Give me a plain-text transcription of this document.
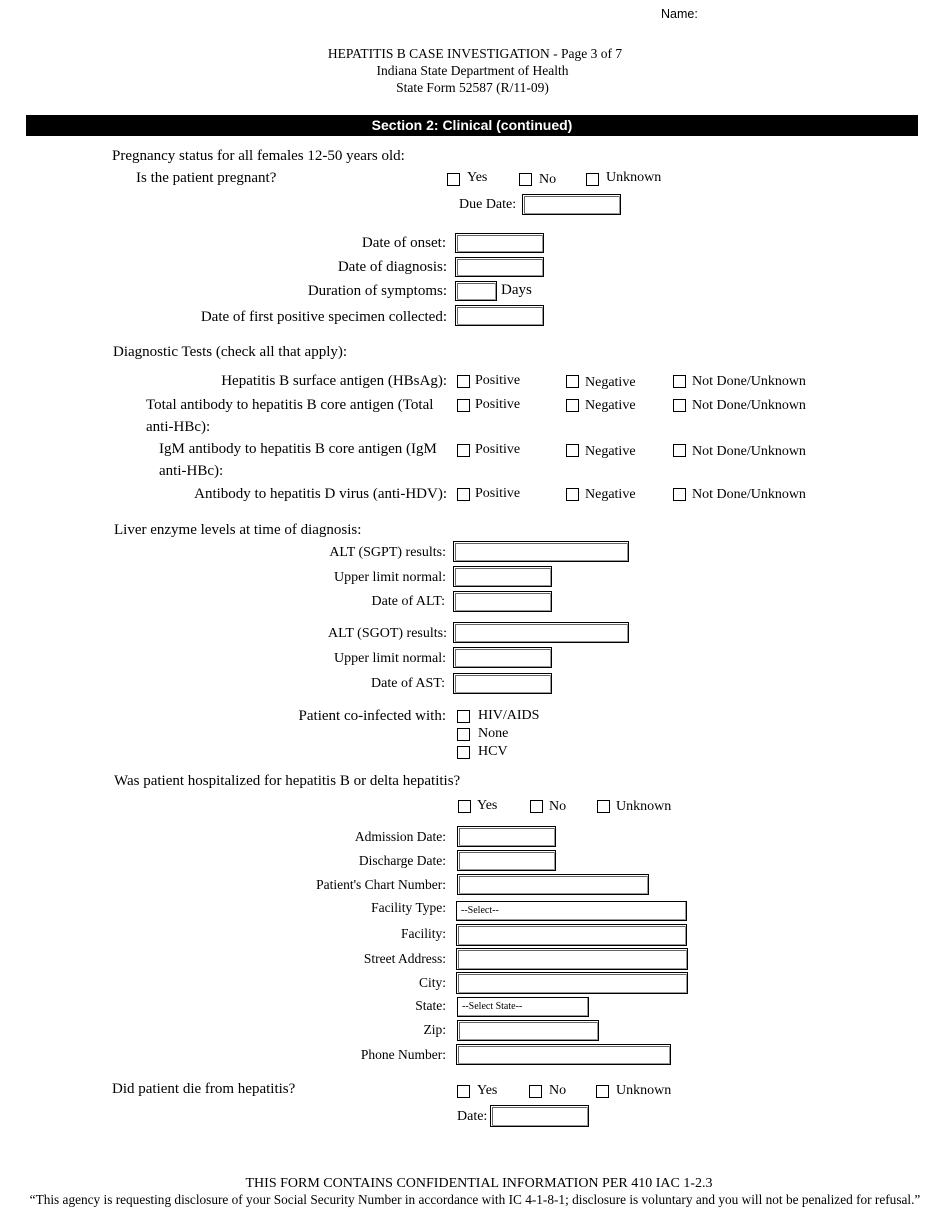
Name:
HEPATITIS B CASE INVESTIGATION - Page 3 of 7
Indiana State Department of Health
State Form 52587 (R/11-09)
Section 2: Clinical (continued)
Pregnancy status for all females 12-50 years old:
Is the patient pregnant?	Yes	No	Unknown
Due Date:
Date of onset:
Date of diagnosis:
Duration of symptoms:	Days
Date of first positive specimen collected:
Diagnostic Tests (check all that apply):
Hepatitis B surface antigen (HBsAg): Positive	Negative	Not Done/Unknown
Total antibody to hepatitis B core antigen (Total
anti-HBc):
Positive	Negative	Not Done/Unknown
IgM antibody to hepatitis B core antigen (IgM
anti-HBc):
Positive	Negative	Not Done/Unknown
Antibody to hepatitis D virus (anti-HDV): Positive	Negative	Not Done/Unknown
Liver enzyme levels at time of diagnosis:
ALT (SGPT) results:
Upper limit normal:
Date of ALT:
ALT (SGOT) results:
Upper limit normal:
Date of AST:
Patient co-infected with: HIV/AIDS
None
HCV
Was patient hospitalized for hepatitis B or delta hepatitis?
Yes	No	Unknown
Admission Date:
Discharge Date:
Patient's Chart Number:
Facility Type:	--Select--
Facility:
Street Address:
City:
State:	--Select State--
Zip:
Phone Number:
Did patient die from hepatitis?	Yes	No	Unknown
Date:
THIS FORM CONTAINS CONFIDENTIAL INFORMATION PER 410 IAC 1-2.3
“This agency is requesting disclosure of your Social Security Number in accordance with IC 4-1-8-1; disclosure is voluntary and you will not be penalized for refusal.”
